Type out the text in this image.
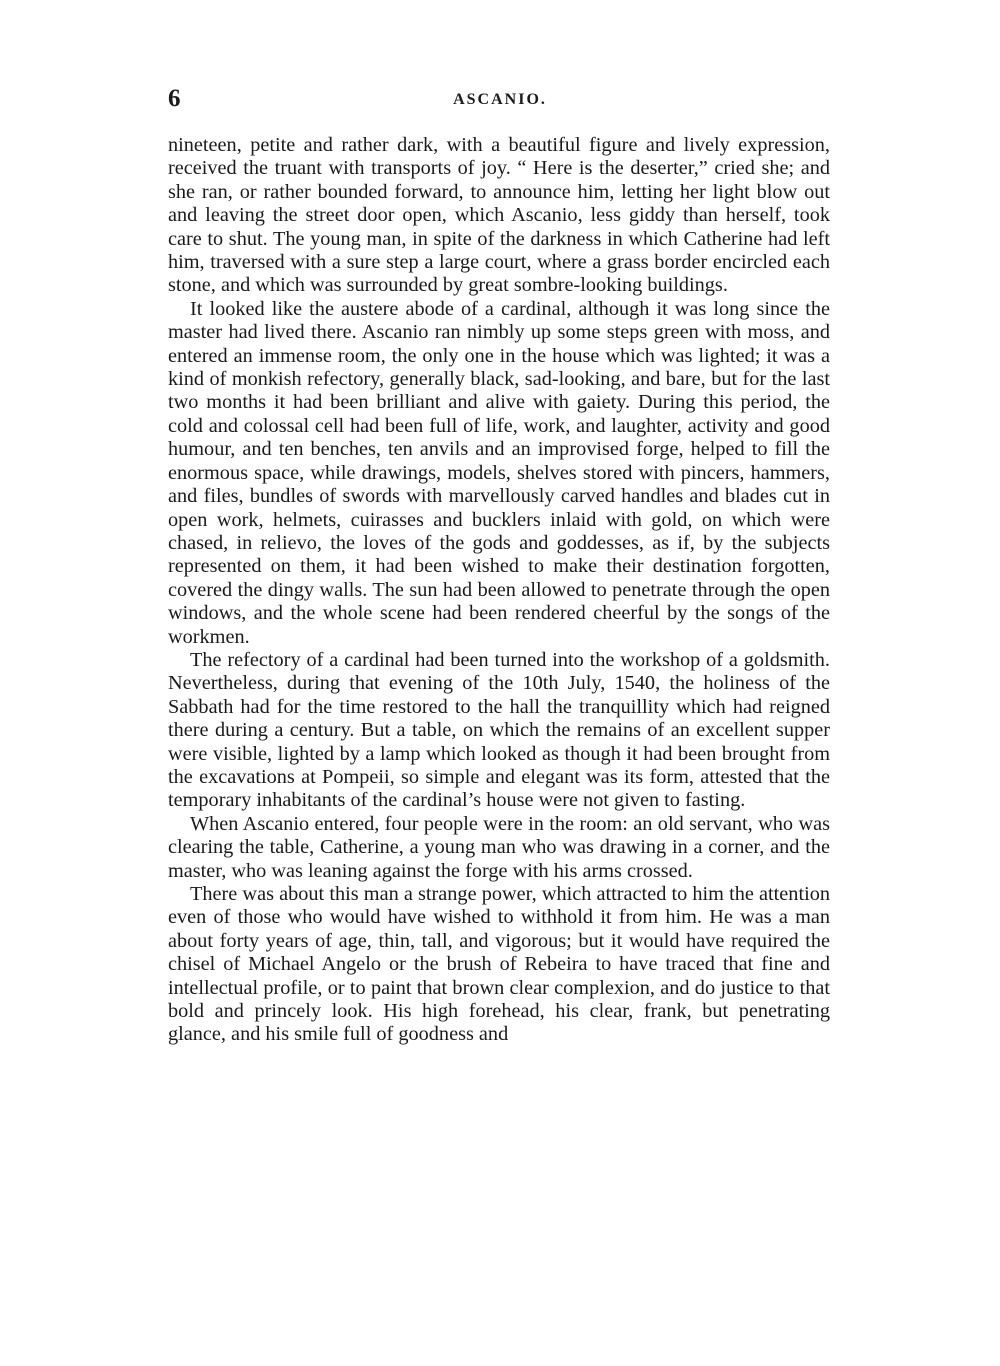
6	ASCANIO.

nineteen, petite and rather dark, with a beautiful figure and lively expression, received the truant with transports of joy. “ Here is the deserter,” cried she; and she ran, or rather bounded forward, to announce him, letting her light blow out and leaving the street door open, which Ascanio, less giddy than herself, took care to shut. The young man, in spite of the darkness in which Catherine had left him, traversed with a sure step a large court, where a grass border encircled each stone, and which was surrounded by great sombre-looking buildings.

It looked like the austere abode of a cardinal, although it was long since the master had lived there. Ascanio ran nimbly up some steps green with moss, and entered an immense room, the only one in the house which was lighted; it was a kind of monkish refectory, generally black, sad-looking, and bare, but for the last two months it had been brilliant and alive with gaiety. During this period, the cold and colossal cell had been full of life, work, and laughter, activity and good humour, and ten benches, ten anvils and an improvised forge, helped to fill the enormous space, while drawings, models, shelves stored with pincers, hammers, and files, bundles of swords with marvellously carved handles and blades cut in open work, helmets, cuirasses and bucklers inlaid with gold, on which were chased, in relievo, the loves of the gods and goddesses, as if, by the subjects represented on them, it had been wished to make their destination forgotten, covered the dingy walls. The sun had been allowed to penetrate through the open windows, and the whole scene had been rendered cheerful by the songs of the workmen.

The refectory of a cardinal had been turned into the workshop of a goldsmith. Nevertheless, during that evening of the 10th July, 1540, the holiness of the Sabbath had for the time restored to the hall the tranquillity which had reigned there during a century. But a table, on which the remains of an excellent supper were visible, lighted by a lamp which looked as though it had been brought from the excavations at Pompeii, so simple and elegant was its form, attested that the temporary inhabitants of the cardinal’s house were not given to fasting.

When Ascanio entered, four people were in the room: an old servant, who was clearing the table, Catherine, a young man who was drawing in a corner, and the master, who was leaning against the forge with his arms crossed.

There was about this man a strange power, which attracted to him the attention even of those who would have wished to withhold it from him. He was a man about forty years of age, thin, tall, and vigorous; but it would have required the chisel of Michael Angelo or the brush of Rebeira to have traced that fine and intellectual profile, or to paint that brown clear complexion, and do justice to that bold and princely look. His high forehead, his clear, frank, but penetrating glance, and his smile full of goodness and
